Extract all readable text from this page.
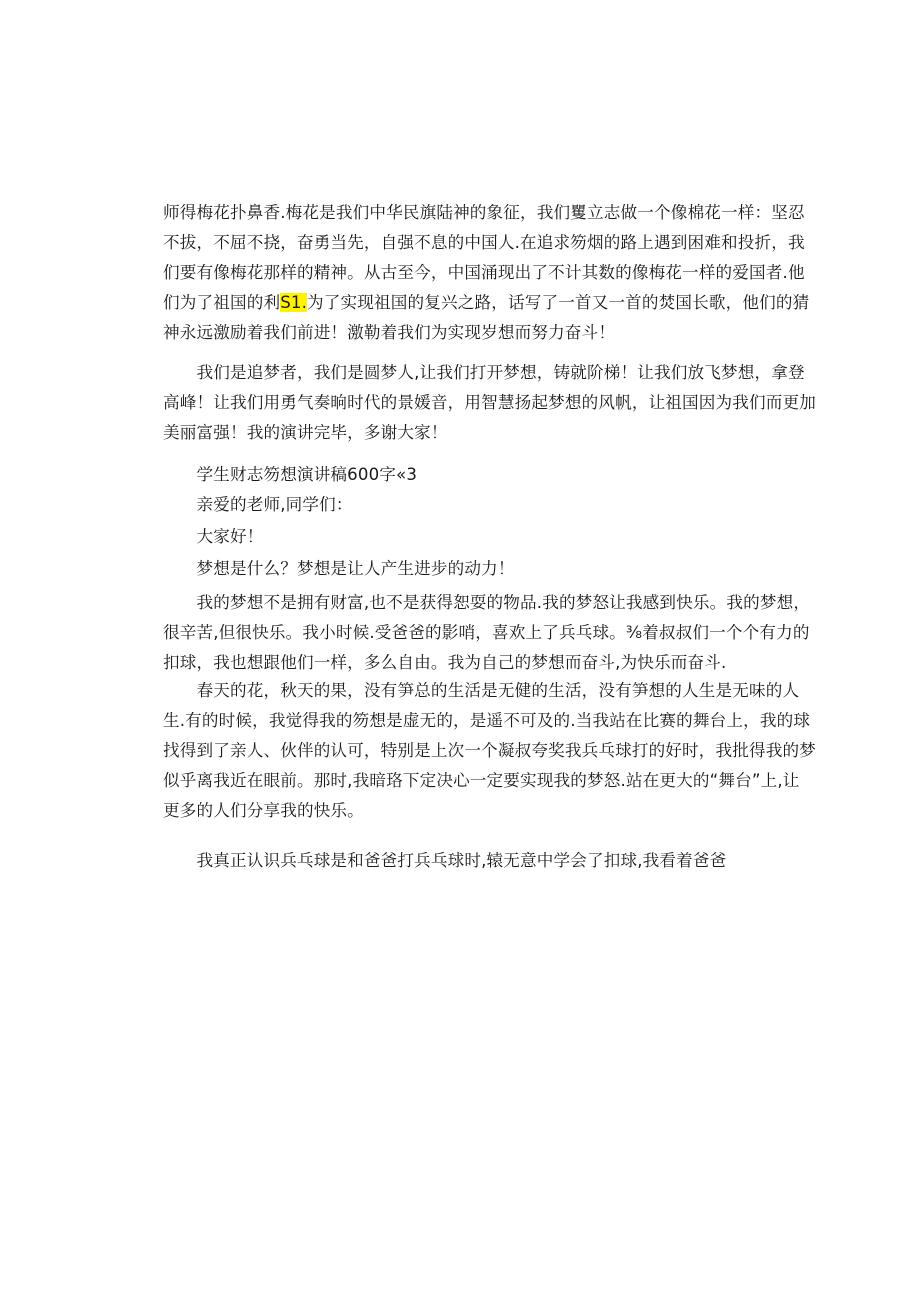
师得梅花扑鼻香.梅花是我们中华民旗陆神的象征，我们矍立志做一个像棉花一样：坚忍
不拔，不屈不挠，奋勇当先，自强不息的中国人.在追求笏烟的路上遇到困难和投折，我
们要有像梅花那样的精神。从古至今，中国涌现出了不计其数的像梅花一样的爱国者.他
们为了祖国的利S1.为了实现祖国的复兴之路，话写了一首又一首的焚国长歌，他们的猜
神永远激励着我们前进！激勒着我们为实现岁想而努力奋斗！
　　我们是追梦者，我们是圆梦人,让我们打开梦想，铸就阶梯！让我们放飞梦想，拿登
高峰！让我们用勇气奏晌时代的景媛音，用智慧扬起梦想的风帆，让祖国因为我们而更加
美丽富强！我的演讲完毕，多谢大家！
　　学生财志笏想演讲稿600字«3
　　亲爱的老师,同学们：
　　大家好！
　　梦想是什么？梦想是让人产生进步的动力！
　　我的梦想不是拥有财富,也不是获得恕耍的物品.我的梦怒让我感到快乐。我的梦想，
很辛苦,但很快乐。我小时候.受爸爸的影哨，喜欢上了兵乓球。⅜着叔叔们一个个有力的
扣球，我也想跟他们一样，多么自由。我为自己的梦想而奋斗,为快乐而奋斗.
　　春天的花，秋天的果，没有笋总的生活是无健的生活，没有笋想的人生是无味的人
生.有的时候，我觉得我的笏想是虚无的，是遥不可及的.当我站在比赛的舞台上，我的球
找得到了亲人、伙伴的认可，特别是上次一个凝叔夸奖我兵乓球打的好时，我批得我的梦
似乎离我近在眼前。那时,我暗珞下定决心一定要实现我的梦怒.站在更大的“舞台”上,让
更多的人们分享我的快乐。
　　我真正认识兵乓球是和爸爸打兵乓球时,辕无意中学会了扣球,我看着爸爸
